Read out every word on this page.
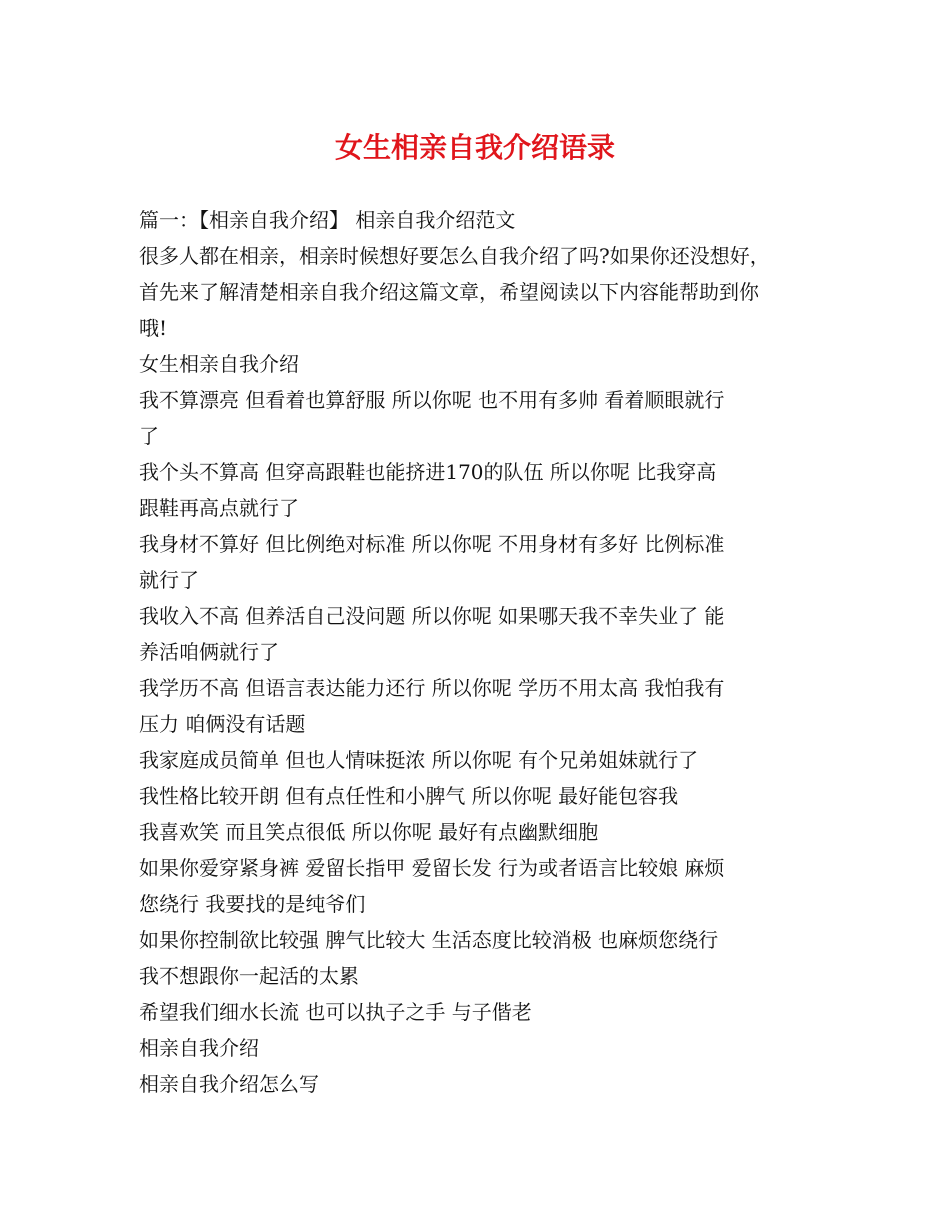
女生相亲自我介绍语录
篇一：【相亲自我介绍】 相亲自我介绍范文
很多人都在相亲，相亲时候想好要怎么自我介绍了吗?如果你还没想好，
首先来了解清楚相亲自我介绍这篇文章，希望阅读以下内容能帮助到你
哦!
女生相亲自我介绍
我不算漂亮 但看着也算舒服 所以你呢 也不用有多帅 看着顺眼就行
了
我个头不算高 但穿高跟鞋也能挤进170的队伍 所以你呢 比我穿高
跟鞋再高点就行了
我身材不算好 但比例绝对标准 所以你呢 不用身材有多好 比例标准
就行了
我收入不高 但养活自己没问题 所以你呢 如果哪天我不幸失业了 能
养活咱俩就行了
我学历不高 但语言表达能力还行 所以你呢 学历不用太高 我怕我有
压力 咱俩没有话题
我家庭成员简单 但也人情味挺浓 所以你呢 有个兄弟姐妹就行了
我性格比较开朗 但有点任性和小脾气 所以你呢 最好能包容我
我喜欢笑 而且笑点很低 所以你呢 最好有点幽默细胞
如果你爱穿紧身裤 爱留长指甲 爱留长发 行为或者语言比较娘 麻烦
您绕行 我要找的是纯爷们
如果你控制欲比较强 脾气比较大 生活态度比较消极 也麻烦您绕行
我不想跟你一起活的太累
希望我们细水长流 也可以执子之手 与子偕老
相亲自我介绍
相亲自我介绍怎么写
